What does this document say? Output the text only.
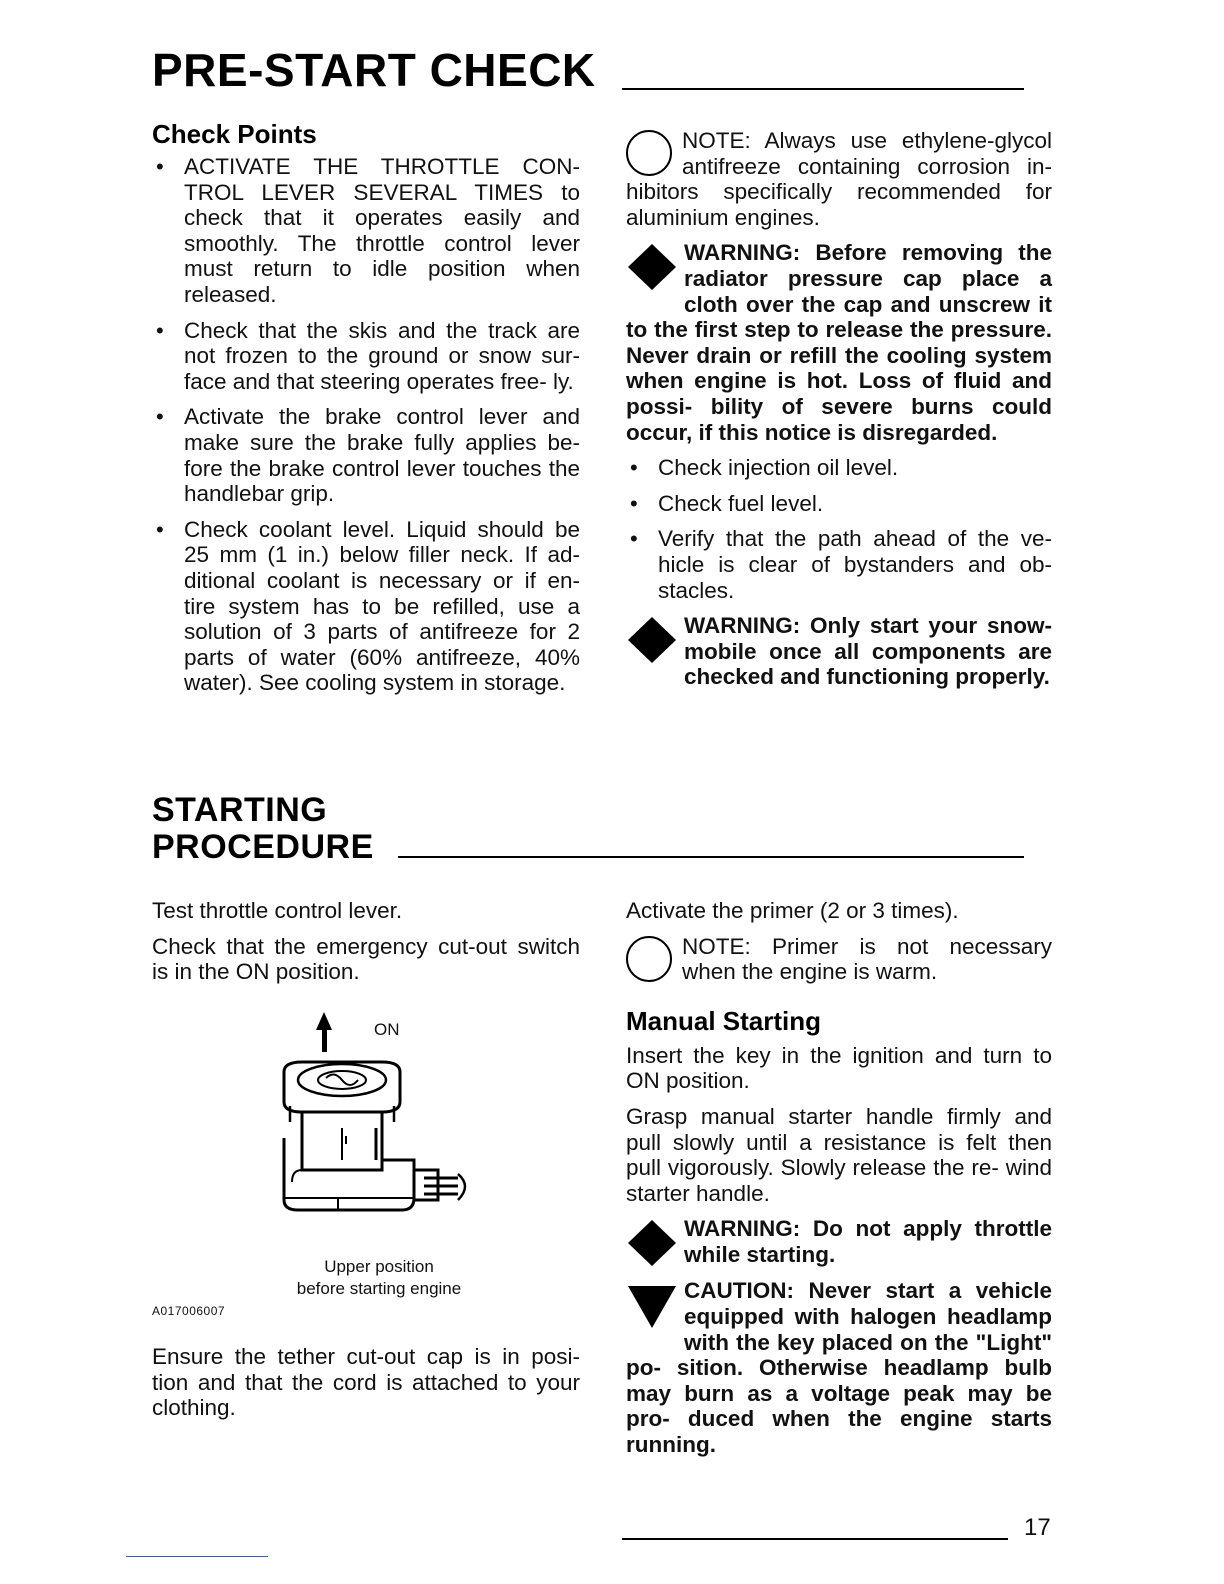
PRE-START CHECK
Check Points
• ACTIVATE THE THROTTLE CON- TROL LEVER SEVERAL TIMES to check that it operates easily and smoothly. The throttle control lever must return to idle position when released.
• Check that the skis and the track are not frozen to the ground or snow sur- face and that steering operates free- ly.
• Activate the brake control lever and make sure the brake fully applies be- fore the brake control lever touches the handlebar grip.
• Check coolant level. Liquid should be 25 mm (1 in.) below filler neck. If ad- ditional coolant is necessary or if en- tire system has to be refilled, use a solution of 3 parts of antifreeze for 2 parts of water (60% antifreeze, 40% water). See cooling system in storage.
NOTE: Always use ethylene-glycol antifreeze containing corrosion in- hibitors specifically recommended for aluminium engines.
WARNING: Before removing the radiator pressure cap place a cloth over the cap and unscrew it to the first step to release the pressure. Never drain or refill the cooling system when engine is hot. Loss of fluid and possi- bility of severe burns could occur, if this notice is disregarded.
• Check injection oil level.
• Check fuel level.
• Verify that the path ahead of the ve- hicle is clear of bystanders and ob- stacles.
WARNING: Only start your snow- mobile once all components are checked and functioning properly.
STARTING
PROCEDURE

Test throttle control lever.

Check that the emergency cut-out switch is in the ON position.

ON
Upper position
before starting engine
A017006007

Ensure the tether cut-out cap is in posi- tion and that the cord is attached to your clothing.

Activate the primer (2 or 3 times).

NOTE: Primer is not necessary when the engine is warm.
Manual Starting

Insert the key in the ignition and turn to ON position.

Grasp manual starter handle firmly and pull slowly until a resistance is felt then pull vigorously. Slowly release the re- wind starter handle.

WARNING: Do not apply throttle while starting.
CAUTION: Never start a vehicle equipped with halogen headlamp with the key placed on the "Light" po- sition. Otherwise headlamp bulb may burn as a voltage peak may be pro- duced when the engine starts running.
17
